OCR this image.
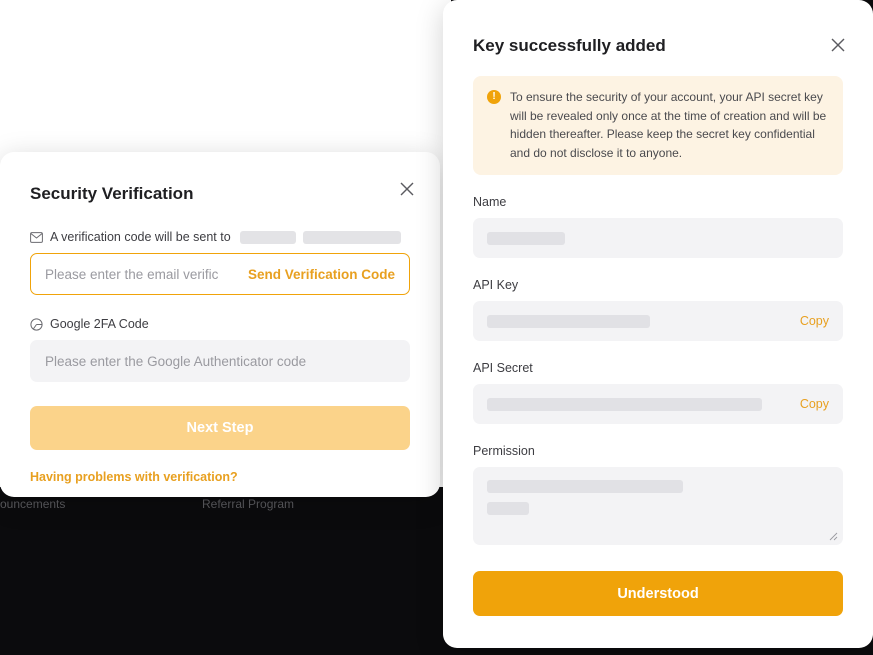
ouncements	Referral Program
Security Verification
A verification code will be sent to
Please enter the email verific	Send Verification Code
Google 2FA Code
Please enter the Google Authenticator code
Next Step
Having problems with verification?
Key successfully added
!	To ensure the security of your account, your API secret key will be revealed only once at the time of creation and will be hidden thereafter. Please keep the secret key confidential and do not disclose it to anyone.
Name
API Key
Copy
API Secret
Copy
Permission
Understood
